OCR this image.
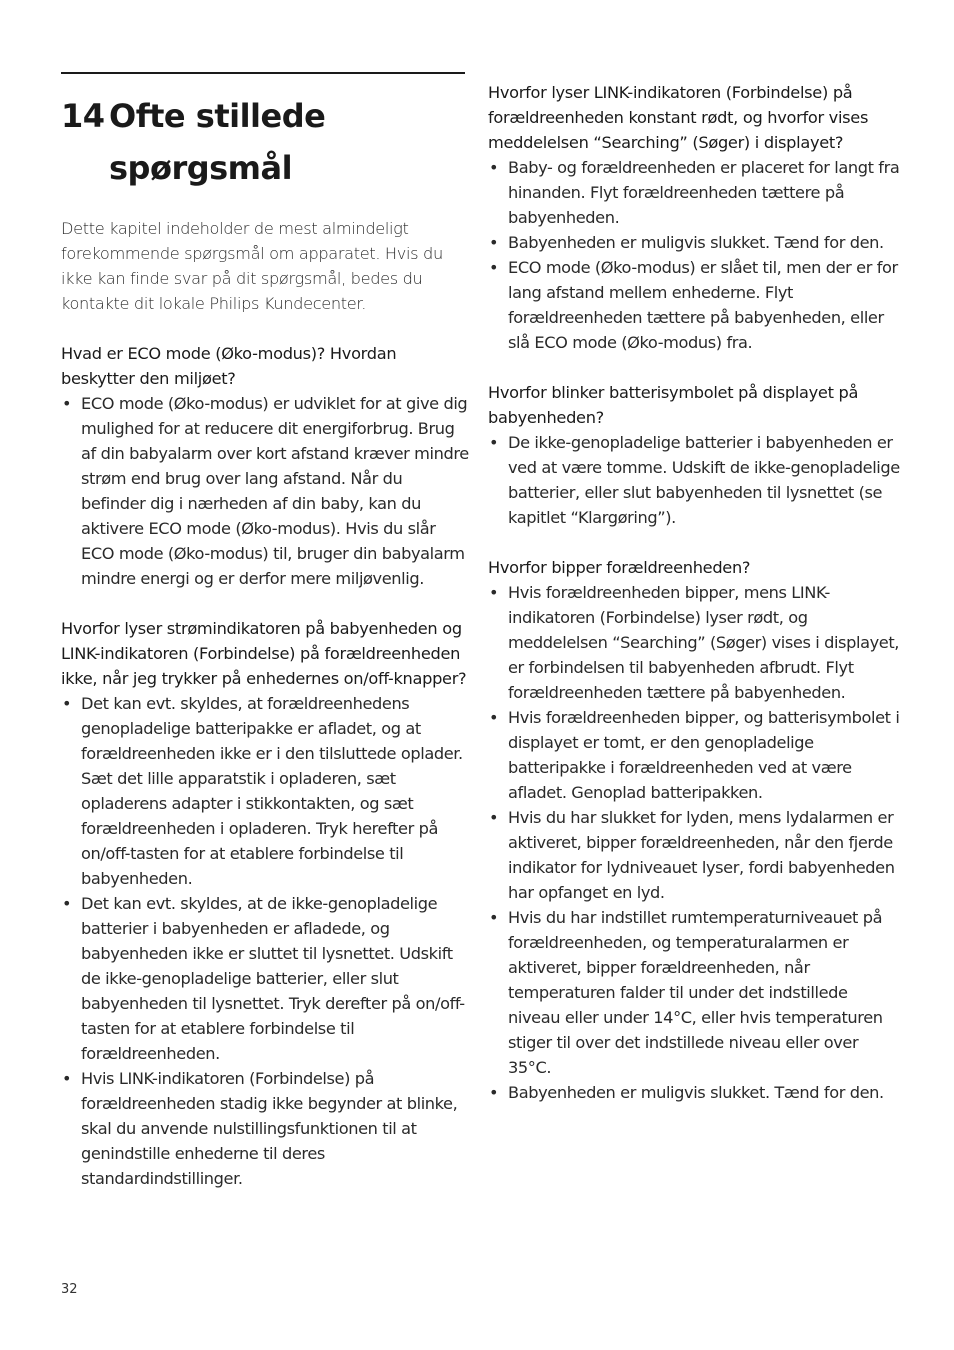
14 Ofte stillede
spørgsmål

Dette kapitel indeholder de mest almindeligt forekommende spørgsmål om apparatet. Hvis du ikke kan finde svar på dit spørgsmål, bedes du kontakte dit lokale Philips Kundecenter.

Hvad er ECO mode (Øko-modus)? Hvordan beskytter den miljøet?

• ECO mode (Øko-modus) er udviklet for at give dig mulighed for at reducere dit energiforbrug. Brug af din babyalarm over kort afstand kræver mindre strøm end brug over lang afstand. Når du befinder dig i nærheden af din baby, kan du aktivere ECO mode (Øko-modus). Hvis du slår ECO mode (Øko-modus) til, bruger din babyalarm mindre energi og er derfor mere miljøvenlig.

Hvorfor lyser strømindikatoren på babyenheden og LINK-indikatoren (Forbindelse) på forældreenheden ikke, når jeg trykker på enhedernes on/off-knapper?

• Det kan evt. skyldes, at forældreenhedens genopladelige batteripakke er afladet, og at forældreenheden ikke er i den tilsluttede oplader. Sæt det lille apparatstik i opladeren, sæt opladerens adapter i stikkontakten, og sæt forældreenheden i opladeren. Tryk herefter på on/off-tasten for at etablere forbindelse til babyenheden.
• Det kan evt. skyldes, at de ikke-genopladelige batterier i babyenheden er afladede, og babyenheden ikke er sluttet til lysnettet. Udskift de ikke-genopladelige batterier, eller slut babyenheden til lysnettet. Tryk derefter på on/off-tasten for at etablere forbindelse til forældreenheden.
• Hvis LINK-indikatoren (Forbindelse) på forældreenheden stadig ikke begynder at blinke, skal du anvende nulstillingsfunktionen til at genindstille enhederne til deres standardindstillinger.

Hvorfor lyser LINK-indikatoren (Forbindelse) på forældreenheden konstant rødt, og hvorfor vises meddelelsen “Searching” (Søger) i displayet?

• Baby- og forældreenheden er placeret for langt fra hinanden. Flyt forældreenheden tættere på babyenheden.
• Babyenheden er muligvis slukket. Tænd for den.
• ECO mode (Øko-modus) er slået til, men der er for lang afstand mellem enhederne. Flyt forældreenheden tættere på babyenheden, eller slå ECO mode (Øko-modus) fra.

Hvorfor blinker batterisymbolet på displayet på babyenheden?

• De ikke-genopladelige batterier i babyenheden er ved at være tomme. Udskift de ikke-genopladelige batterier, eller slut babyenheden til lysnettet (se kapitlet “Klargøring”).

Hvorfor bipper forældreenheden?

• Hvis forældreenheden bipper, mens LINK-indikatoren (Forbindelse) lyser rødt, og meddelelsen “Searching” (Søger) vises i displayet, er forbindelsen til babyenheden afbrudt. Flyt forældreenheden tættere på babyenheden.
• Hvis forældreenheden bipper, og batterisymbolet i displayet er tomt, er den genopladelige batteripakke i forældreenheden ved at være afladet. Genoplad batteripakken.
• Hvis du har slukket for lyden, mens lydalarmen er aktiveret, bipper forældreenheden, når den fjerde indikator for lydniveauet lyser, fordi babyenheden har opfanget en lyd.
• Hvis du har indstillet rumtemperaturniveauet på forældreenheden, og temperaturalarmen er aktiveret, bipper forældreenheden, når temperaturen falder til under det indstillede niveau eller under 14°C, eller hvis temperaturen stiger til over det indstillede niveau eller over 35°C.
• Babyenheden er muligvis slukket. Tænd for den.
32
